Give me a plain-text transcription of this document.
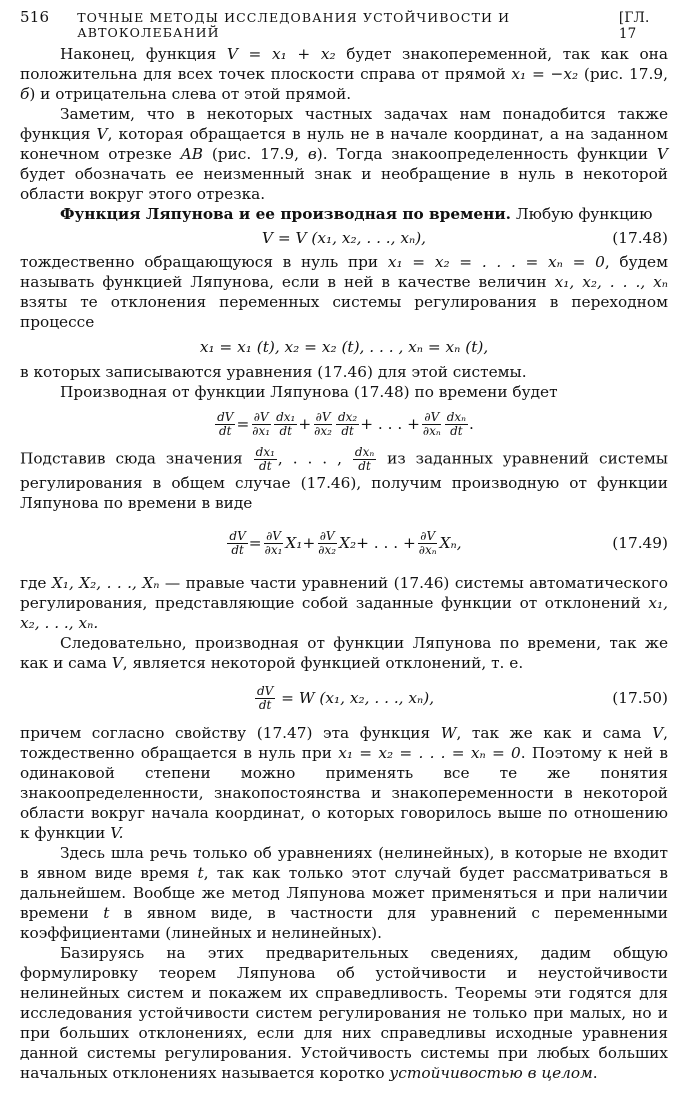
516 ТОЧНЫЕ МЕТОДЫ ИССЛЕДОВАНИЯ УСТОЙЧИВОСТИ И АВТОКОЛЕБАНИЙ
[ГЛ. 17

Наконец, функция V = x₁ + x₂ будет знакопеременной, так как она положительна для всех точек плоскости справа от прямой x₁ = −x₂ (рис. 17.9, б) и отрицательна слева от этой прямой.

Заметим, что в некоторых частных задачах нам понадобится также функция V, которая обращается в нуль не в начале координат, а на заданном конечном отрезке AB (рис. 17.9, в). Тогда знакоопределенность функции V будет обозначать ее неизменный знак и необращение в нуль в некоторой области вокруг этого отрезка.

Функция Ляпунова и ее производная по времени. Любую функцию

V = V (x₁, x₂, . . ., xₙ),	(17.48)

тождественно обращающуюся в нуль при x₁ = x₂ = . . . = xₙ = 0, будем называть функцией Ляпунова, если в ней в качестве величин x₁, x₂, . . ., xₙ взяты те отклонения переменных системы регулирования в переходном процессе

x₁ = x₁ (t), x₂ = x₂ (t), . . . , xₙ = xₙ (t),

в которых записываются уравнения (17.46) для этой системы.

Производная от функции Ляпунова (17.48) по времени будет

$\frac{dV}{dt} = \frac{\partial V}{\text{∂x₁}} \frac{\text{dx₁}}{dt} + \frac{\partial V}{\text{∂x₂}} \frac{\text{dx₂}}{dt}$ + . . . + $\frac{\partial V}{\text{∂xₙ}} \frac{\text{dxₙ}}{dt}$ .

Подставив сюда значения $\frac{\text{dx₁}}{dt}$ , . . . , $\frac{\text{dxₙ}}{dt}$ из заданных уравнений системы регулирования в общем случае (17.46), получим производную от функции Ляпунова по времени в виде

$\frac{dV}{dt} = \frac{\partial V}{\text{∂x₁}} X_1 + \frac{\partial V}{\text{∂x₂}} X_2$ + . . . + $\frac{\partial V}{\text{∂xₙ}} X_n$,	(17.49)

где X₁, X₂, . . ., Xₙ — правые части уравнений (17.46) системы автоматического регулирования, представляющие собой заданные функции от отклонений x₁, x₂, . . ., xₙ.

Следовательно, производная от функции Ляпунова по времени, так же как и сама V, является некоторой функцией отклонений, т. е.

$\frac{dV}{dt} = W$ (x₁, x₂, . . ., xₙ),	(17.50)

причем согласно свойству (17.47) эта функция W, так же как и сама V, тождественно обращается в нуль при x₁ = x₂ = . . . = xₙ = 0. Поэтому к ней в одинаковой степени можно применять все те же понятия знакоопределенности, знакопостоянства и знакопеременности в некоторой области вокруг начала координат, о которых говорилось выше по отношению к функции V.

Здесь шла речь только об уравнениях (нелинейных), в которые не входит в явном виде время t, так как только этот случай будет рассматриваться в дальнейшем. Вообще же метод Ляпунова может применяться и при наличии времени t в явном виде, в частности для уравнений с переменными коэффициентами (линейных и нелинейных).

Базируясь на этих предварительных сведениях, дадим общую формулировку теорем Ляпунова об устойчивости и неустойчивости нелинейных систем и покажем их справедливость. Теоремы эти годятся для исследования устойчивости систем регулирования не только при малых, но и при больших отклонениях, если для них справедливы исходные уравнения данной системы регулирования. Устойчивость системы при любых больших начальных отклонениях называется коротко устойчивостью в целом.
